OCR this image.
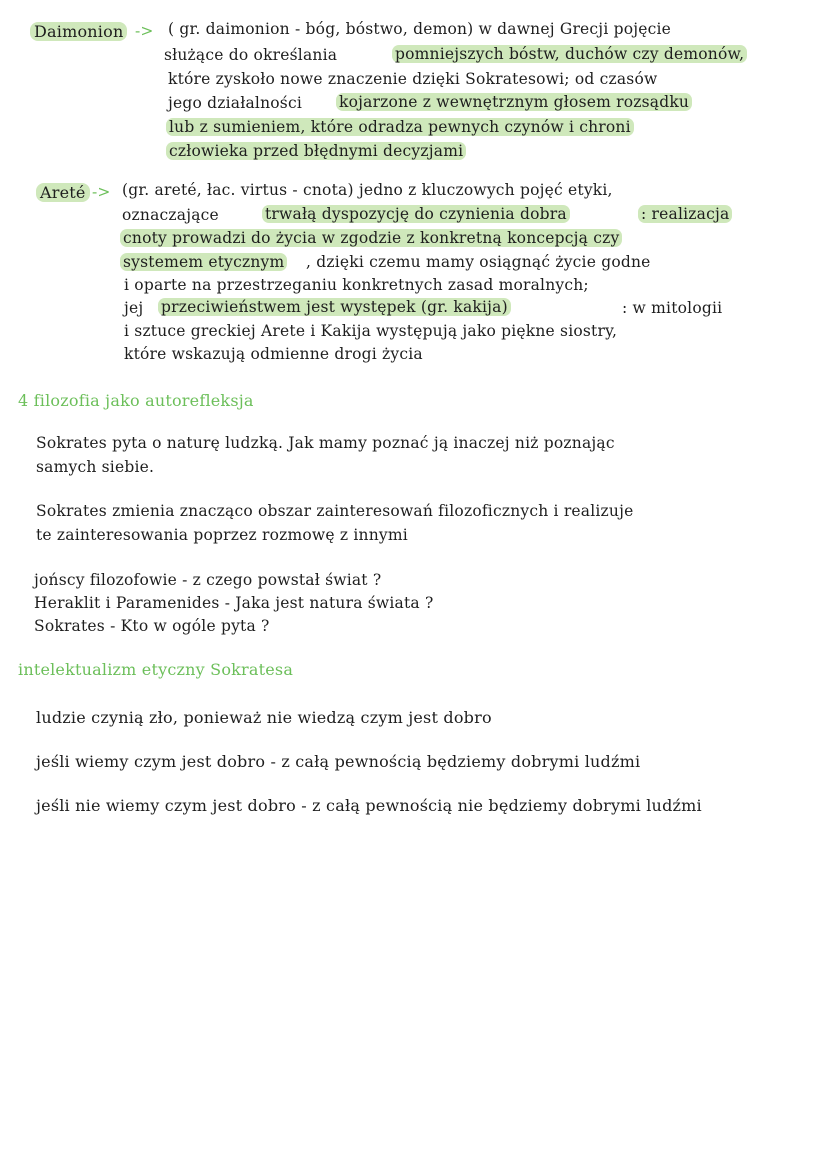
Daimonion -> ( gr. daimonion - bóg, bóstwo, demon) w dawnej Grecji pojęcie
służące do określania	pomniejszych bóstw, duchów czy demonów,
które zyskoło nowe znaczenie dzięki Sokratesowi; od czasów
jego działalności kojarzone z wewnętrznym głosem rozsądku
lub z sumieniem, które odradza pewnych czynów i chroni
człowieka przed błędnymi decyzjami
Areté -> (gr. areté, łac. virtus - cnota) jedno z kluczowych pojęć etyki,
oznaczające	trwałą dyspozycję do czynienia dobra	: realizacja
cnoty prowadzi do życia w zgodzie z konkretną koncepcją czy
systemem etycznym , dzięki czemu mamy osiągnąć życie godne
i oparte na przestrzeganiu konkretnych zasad moralnych;
jej przeciwieństwem jest występek (gr. kakija)	: w mitologii
i sztuce greckiej Arete i Kakija występują jako piękne siostry,
które wskazują odmienne drogi życia
4 filozofia jako autorefleksja
Sokrates pyta o naturę ludzką. Jak mamy poznać ją inaczej niż poznając
samych siebie.
Sokrates zmienia znacząco obszar zainteresowań filozoficznych i realizuje
te zainteresowania poprzez rozmowę z innymi
jońscy filozofowie - z czego powstał świat ?
Heraklit i Paramenides - Jaka jest natura świata ?
Sokrates - Kto w ogóle pyta ?
intelektualizm etyczny Sokratesa
ludzie czynią zło, ponieważ nie wiedzą czym jest dobro
jeśli wiemy czym jest dobro - z całą pewnością będziemy dobrymi ludźmi
jeśli nie wiemy czym jest dobro - z całą pewnością nie będziemy dobrymi ludźmi
